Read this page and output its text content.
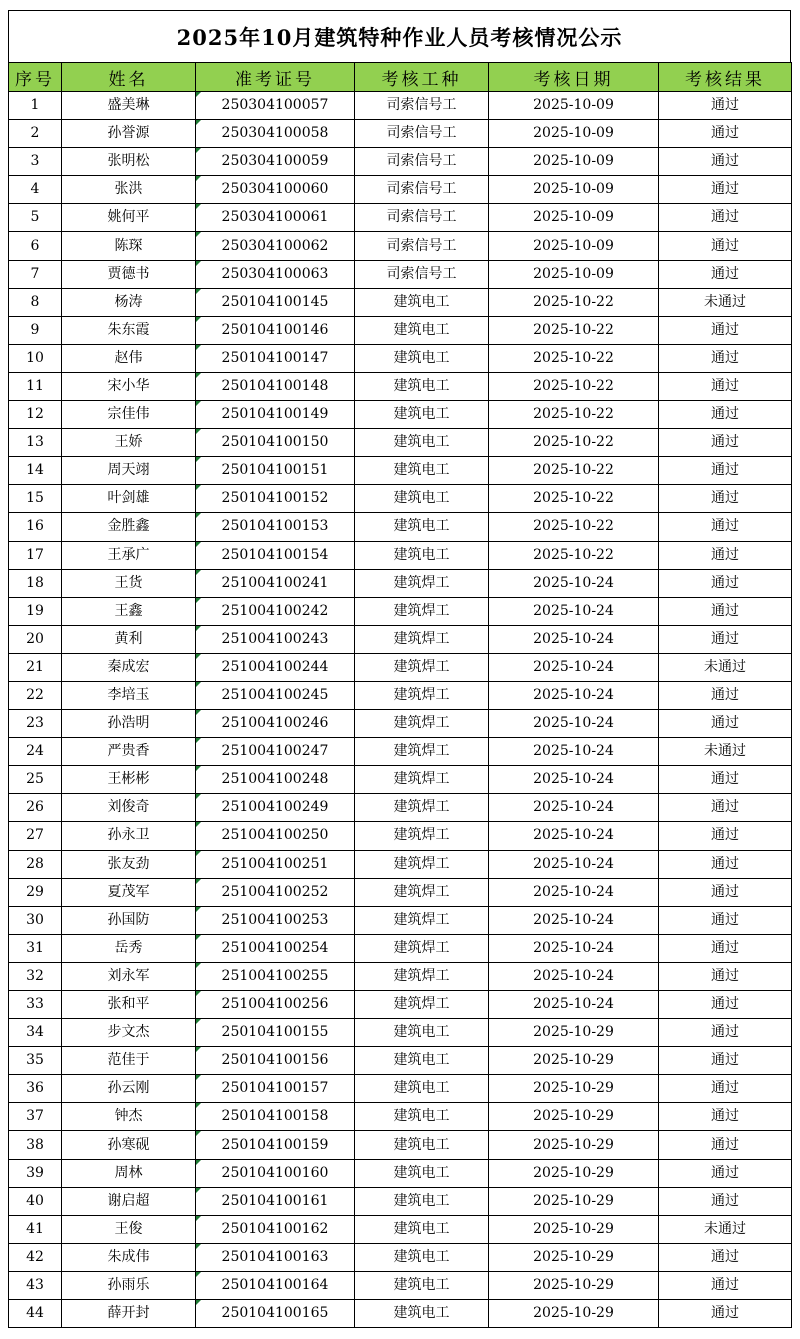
2025年10月建筑特种作业人员考核情况公示
序号	姓名	准考证号	考核工种	考核日期	考核结果
1	盛美琳	250304100057	司索信号工	2025-10-09	通过
2	孙誉源	250304100058	司索信号工	2025-10-09	通过
3	张明松	250304100059	司索信号工	2025-10-09	通过
4	张洪	250304100060	司索信号工	2025-10-09	通过
5	姚何平	250304100061	司索信号工	2025-10-09	通过
6	陈琛	250304100062	司索信号工	2025-10-09	通过
7	贾德书	250304100063	司索信号工	2025-10-09	通过
8	杨涛	250104100145	建筑电工	2025-10-22	未通过
9	朱东霞	250104100146	建筑电工	2025-10-22	通过
10	赵伟	250104100147	建筑电工	2025-10-22	通过
11	宋小华	250104100148	建筑电工	2025-10-22	通过
12	宗佳伟	250104100149	建筑电工	2025-10-22	通过
13	王娇	250104100150	建筑电工	2025-10-22	通过
14	周天翊	250104100151	建筑电工	2025-10-22	通过
15	叶剑雄	250104100152	建筑电工	2025-10-22	通过
16	金胜鑫	250104100153	建筑电工	2025-10-22	通过
17	王承广	250104100154	建筑电工	2025-10-22	通过
18	王货	251004100241	建筑焊工	2025-10-24	通过
19	王鑫	251004100242	建筑焊工	2025-10-24	通过
20	黄利	251004100243	建筑焊工	2025-10-24	通过
21	秦成宏	251004100244	建筑焊工	2025-10-24	未通过
22	李培玉	251004100245	建筑焊工	2025-10-24	通过
23	孙浩明	251004100246	建筑焊工	2025-10-24	通过
24	严贵香	251004100247	建筑焊工	2025-10-24	未通过
25	王彬彬	251004100248	建筑焊工	2025-10-24	通过
26	刘俊奇	251004100249	建筑焊工	2025-10-24	通过
27	孙永卫	251004100250	建筑焊工	2025-10-24	通过
28	张友劲	251004100251	建筑焊工	2025-10-24	通过
29	夏茂军	251004100252	建筑焊工	2025-10-24	通过
30	孙国防	251004100253	建筑焊工	2025-10-24	通过
31	岳秀	251004100254	建筑焊工	2025-10-24	通过
32	刘永军	251004100255	建筑焊工	2025-10-24	通过
33	张和平	251004100256	建筑焊工	2025-10-24	通过
34	步文杰	250104100155	建筑电工	2025-10-29	通过
35	范佳于	250104100156	建筑电工	2025-10-29	通过
36	孙云刚	250104100157	建筑电工	2025-10-29	通过
37	钟杰	250104100158	建筑电工	2025-10-29	通过
38	孙寒砚	250104100159	建筑电工	2025-10-29	通过
39	周林	250104100160	建筑电工	2025-10-29	通过
40	谢启超	250104100161	建筑电工	2025-10-29	通过
41	王俊	250104100162	建筑电工	2025-10-29	未通过
42	朱成伟	250104100163	建筑电工	2025-10-29	通过
43	孙雨乐	250104100164	建筑电工	2025-10-29	通过
44	薛开封	250104100165	建筑电工	2025-10-29	通过
